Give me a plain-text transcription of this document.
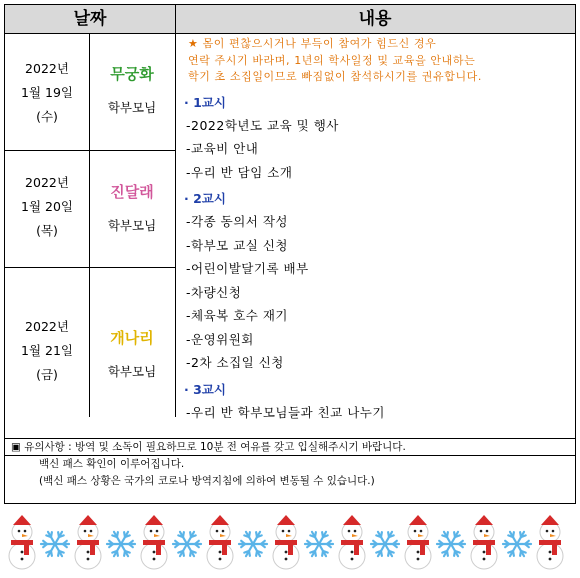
날짜	내용
2022년
1월 19일
(수)
무궁화
학부모님
2022년
1월 20일
(목)
진달래
학부모님
2022년
1월 21일
(금)
개나리
학부모님
★ 몸이 편찮으시거나 부득이 참여가 힘드신 경우
연락 주시기 바라며, 1년의 학사일정 및 교육을 안내하는
학기 초 소집일이므로 빠짐없이 참석하시기를 권유합니다.
· 1교시
-2022학년도 교육 및 행사
-교육비 안내
-우리 반 담임 소개
· 2교시
-각종 동의서 작성
-학부모 교실 신청
-어린이발달기록 배부
-차량신청
-체육복 호수 재기
-운영위원회
-2차 소집일 신청
· 3교시
-우리 반 학부모님들과 친교 나누기
▣ 유의사항 : 방역 및 소독이 필요하므로 10분 전 여유를 갖고 입실해주시기 바랍니다.
백신 패스 확인이 이루어집니다.
(백신 패스 상황은 국가의 코로나 방역지침에 의하여 변동될 수 있습니다.)
